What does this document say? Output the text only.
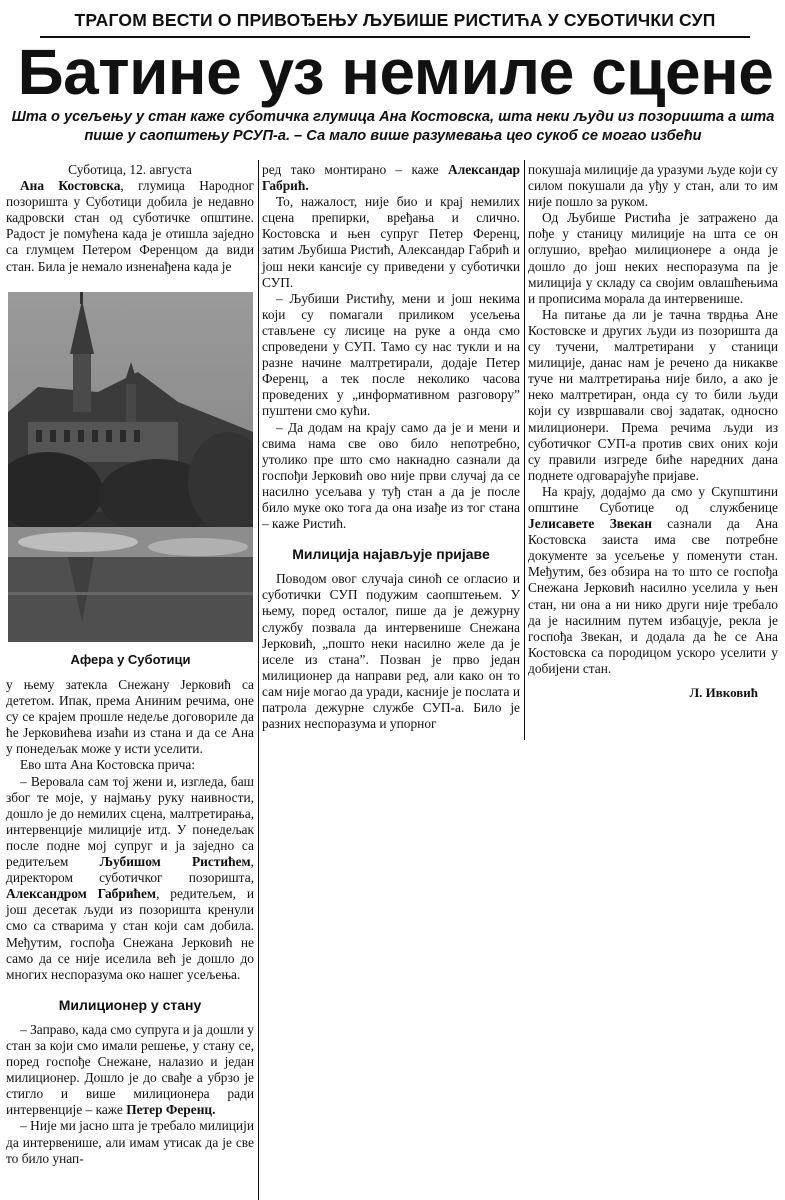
ТРАГОМ ВЕСТИ О ПРИВОЂЕЊУ ЉУБИШЕ РИСТИЋА У СУБОТИЧКИ СУП
Батине уз немиле сцене
Шта о усељењу у стан каже суботичка глумица Ана Костовска, шта неки људи из позоришта а шта пише у саопштењу РСУП-а. – Са мало више разумевања цео сукоб се могао избећи
Суботица, 12. августа

Ана Костовска, глумица Народног позоришта у Суботици добила је недавно кадровски стан од суботичке општине. Радост је помућена када је отишла заједно са глумцем Петером Ференцом да види стан. Била је немало изненађена када је

Афера у Суботици

у њему затекла Снежану Јерковић са дететом. Ипак, према Аниним речима, оне су се крајем прошле недеље договориле да ће Јерковићева изаћи из стана и да се Ана у понедељак може у исти уселити.

Ево шта Ана Костовска прича:

– Веровала сам тој жени и, изгледа, баш због те моје, у најмању руку наивности, дошло је до немилих сцена, малтретирања, интервенције милиције итд. У понедељак после подне мој супруг и ја заједно са редитељем Љубишом Ристићем, директором суботичког позоришта, Александром Габрићем, редитељем, и још десетак људи из позоришта кренули смо са стварима у стан који сам добила. Међутим, госпођа Снежана Јерковић не само да се није иселила већ је дошло до многих неспоразума око нашег усељења.

Милиционер у стану

– Заправо, када смо супруга и ја дошли у стан за који смо имали решење, у стану се, поред госпође Снежане, налазио и један милиционер. Дошло је до свађе а убрзо је стигло и више милиционера ради интервенције – каже Петер Ференц.

– Није ми јасно шта је требало милицији да интервенише, али имам утисак да је све то било унап-

ред тако монтирано – каже Александар Габрић.

То, нажалост, није био и крај немилих сцена препирки, вређања и слично. Костовска и њен супруг Петер Ференц, затим Љубиша Ристић, Александар Габрић и још неки кансије су приведени у суботички СУП.

– Љубиши Ристићу, мени и још некима који су помагали приликом усељења стављене су лисице на руке а онда смо спроведени у СУП. Тамо су нас тукли и на разне начине малтретирали, додаје Петер Ференц, а тек после неколико часова проведених у „информативном разговору” пуштени смо кући.

– Да додам на крају само да је и мени и свима нама све ово било непотребно, утолико пре што смо накнадно сазнали да госпођи Јерковић ово није први случај да се насилно усељава у туђ стан а да је после било муке око тога да она изађе из тог стана – каже Ристић.

Милиција најављује пријаве

Поводом овог случаја синоћ се огласио и суботички СУП подужим саопштењем. У њему, поред осталог, пише да је дежурну службу позвала да интервенише Снежана Јерковић, „пошто неки насилно желе да је иселе из стана”. Позван је прво један милиционер да направи ред, али како он то сам није могао да уради, касније је послата и патрола дежурне службе СУП-а. Било је разних неспоразума и упорног

покушаја милиције да уразуми људе који су силом покушали да уђу у стан, али то им није пошло за руком.

Од Љубише Ристића је затражено да пође у станицу милиције на шта се он оглушио, вређао милиционере а онда је дошло до још неких неспоразума па је милиција у складу са својим овлашћењима и прописима морала да интервенише.

На питање да ли је тачна тврдња Ане Костовске и других људи из позоришта да су тучени, малтретирани у станици милиције, данас нам је речено да никакве туче ни малтретирања није било, а ако је неко малтретиран, онда су то били људи који су извршавали свој задатак, односно милиционери. Према речима људи из суботичког СУП-а против свих оних који су правили изгреде биће наредних дана поднете одговарајуће пријаве.

На крају, додајмо да смо у Скупштини општине Суботице од службенице Јелисавете Звекан сазнали да Ана Костовска заиста има све потребне документе за усељење у поменути стан. Међутим, без обзира на то што се госпођа Снежана Јерковић насилно уселила у њен стан, ни она а ни нико други није требало да је насилним путем избацује, рекла је госпођа Звекан, и додала да ће се Ана Костовска са породицом ускоро уселити у добијени стан.

Л. Ивковић
